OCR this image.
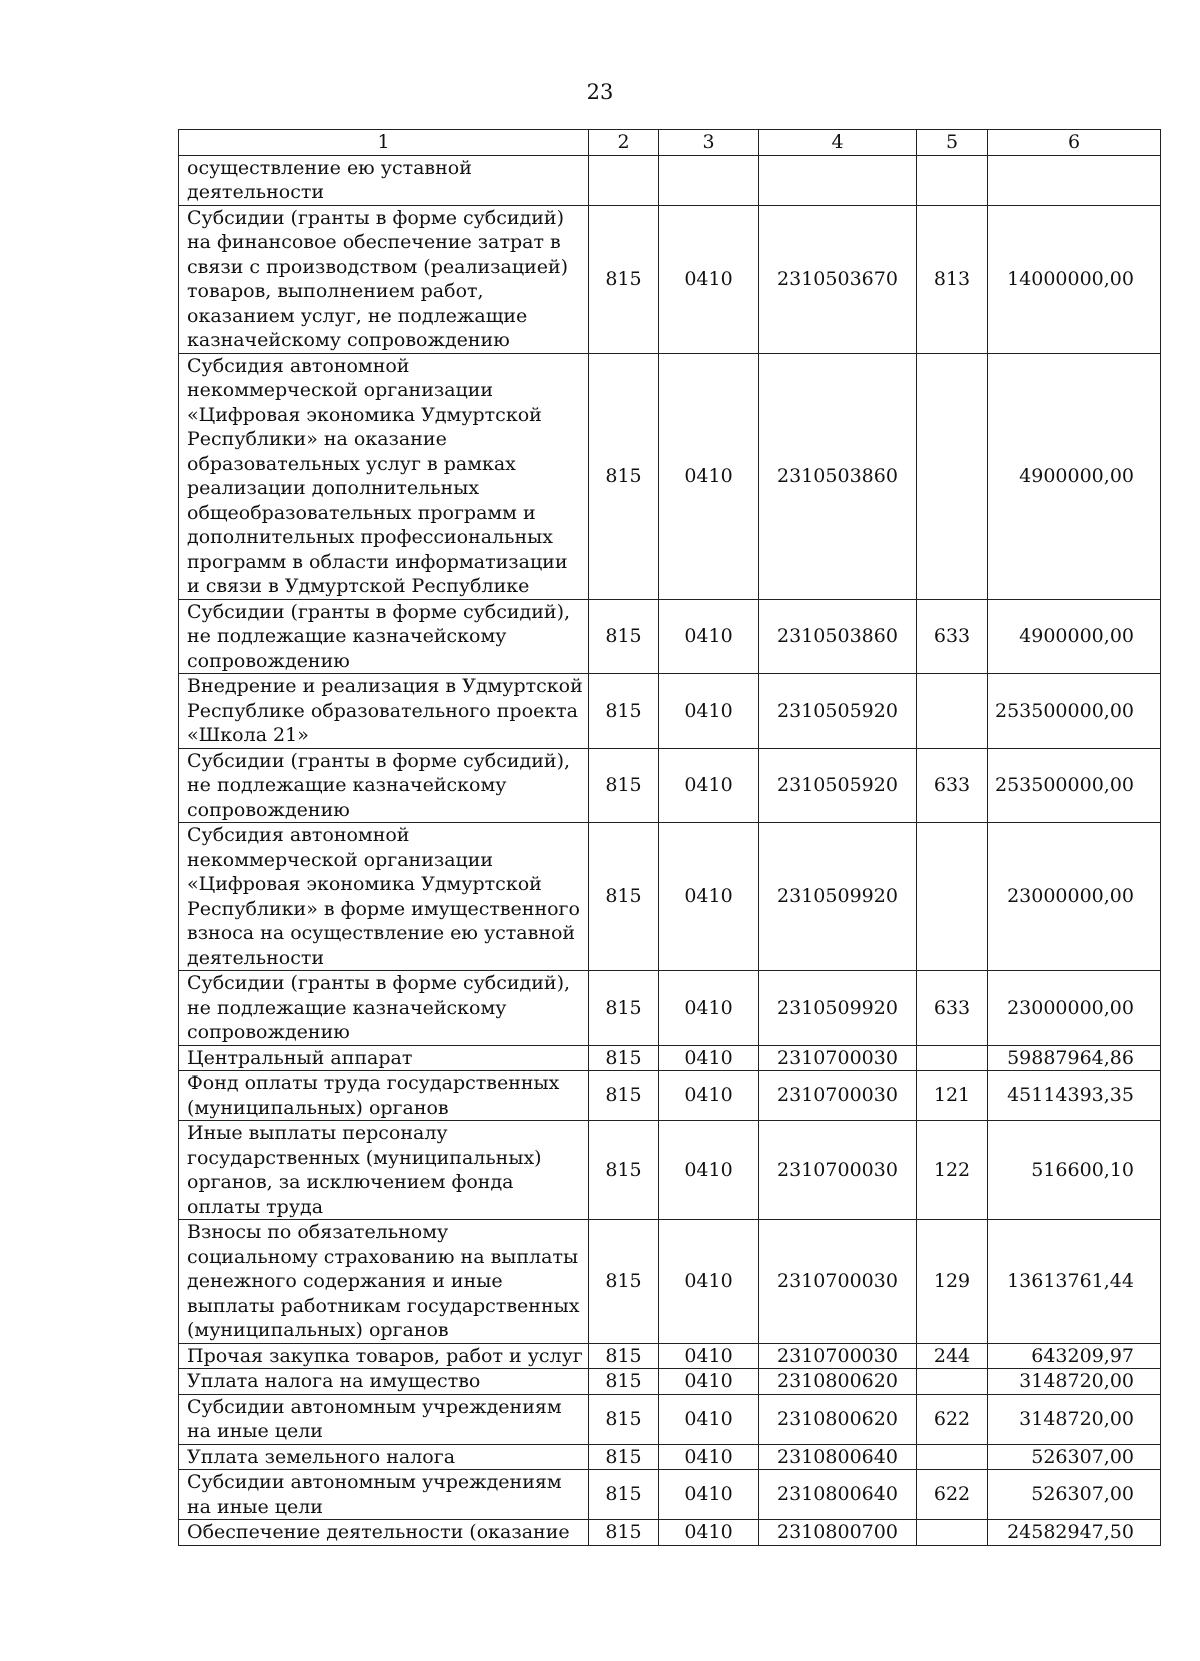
23
1	2	3	4	5	6
осуществление ею уставной деятельности					
Субсидии (гранты в форме субсидий) на финансовое обеспечение затрат в связи с производством (реализацией) товаров, выполнением работ, оказанием услуг, не подлежащие казначейскому сопровождению	815	0410	2310503670	813	14000000,00
Субсидия автономной некоммерческой организации «Цифровая экономика Удмуртской Республики» на оказание образовательных услуг в рамках реализации дополнительных общеобразовательных программ и дополнительных профессиональных программ в области информатизации и связи в Удмуртской Республике	815	0410	2310503860		4900000,00
Субсидии (гранты в форме субсидий), не подлежащие казначейскому сопровождению	815	0410	2310503860	633	4900000,00
Внедрение и реализация в Удмуртской Республике образовательного проекта «Школа 21»	815	0410	2310505920		253500000,00
Субсидии (гранты в форме субсидий), не подлежащие казначейскому сопровождению	815	0410	2310505920	633	253500000,00
Субсидия автономной некоммерческой организации «Цифровая экономика Удмуртской Республики» в форме имущественного взноса на осуществление ею уставной деятельности	815	0410	2310509920		23000000,00
Субсидии (гранты в форме субсидий), не подлежащие казначейскому сопровождению	815	0410	2310509920	633	23000000,00
Центральный аппарат	815	0410	2310700030		59887964,86
Фонд оплаты труда государственных (муниципальных) органов	815	0410	2310700030	121	45114393,35
Иные выплаты персоналу государственных (муниципальных) органов, за исключением фонда оплаты труда	815	0410	2310700030	122	516600,10
Взносы по обязательному социальному страхованию на выплаты денежного содержания и иные выплаты работникам государственных (муниципальных) органов	815	0410	2310700030	129	13613761,44
Прочая закупка товаров, работ и услуг	815	0410	2310700030	244	643209,97
Уплата налога на имущество	815	0410	2310800620		3148720,00
Субсидии автономным учреждениям на иные цели	815	0410	2310800620	622	3148720,00
Уплата земельного налога	815	0410	2310800640		526307,00
Субсидии автономным учреждениям на иные цели	815	0410	2310800640	622	526307,00
Обеспечение деятельности (оказание	815	0410	2310800700		24582947,50
